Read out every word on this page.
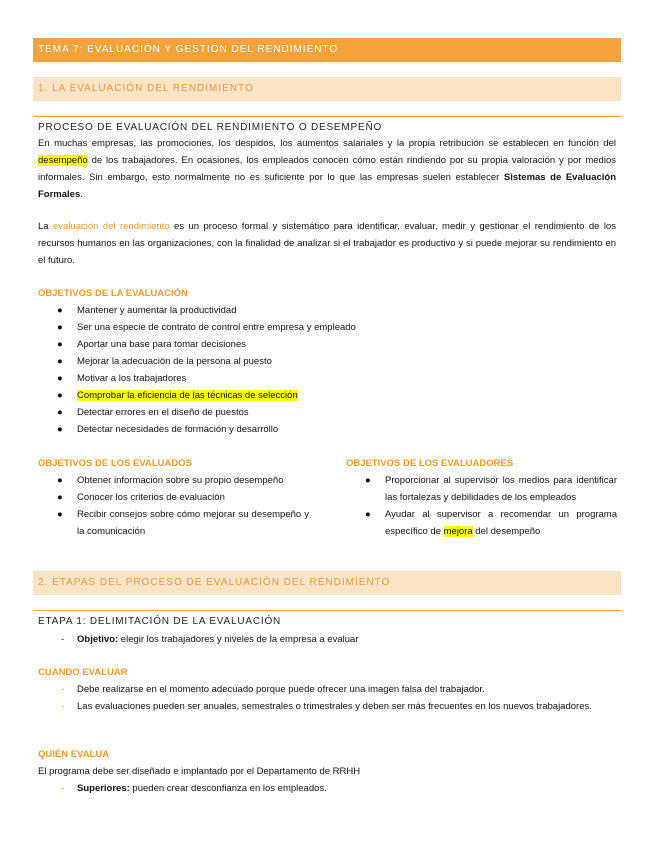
TEMA 7: EVALUACIÓN Y GESTIÓN DEL RENDIMIENTO
1. LA EVALUACIÓN DEL RENDIMIENTO
PROCESO DE EVALUACIÓN DEL RENDIMIENTO O DESEMPEÑO
En muchas empresas, las promociones, los despidos, los aumentos salariales y la propia retribución se establecen en función del desempeño de los trabajadores. En ocasiones, los empleados conocen cómo están rindiendo por su propia valoración y por medios informales. Sin embargo, esto normalmente no es suficiente por lo que las empresas suelen establecer Sistemas de Evaluación Formales.
La evaluación del rendimiento es un proceso formal y sistemático para identificar, evaluar, medir y gestionar el rendimiento de los recursos humanos en las organizaciones, con la finalidad de analizar si el trabajador es productivo y si puede mejorar su rendimiento en el futuro.
OBJETIVOS DE LA EVALUACIÓN
● Mantener y aumentar la productividad
● Ser una especie de contrato de control entre empresa y empleado
● Aportar una base para tomar decisiones
● Mejorar la adecuación de la persona al puesto
● Motivar a los trabajadores
● Comprobar la eficiencia de las técnicas de selección
● Detectar errores en el diseño de puestos
● Detectar necesidades de formación y desarrollo
OBJETIVOS DE LOS EVALUADOS
● Obtener información sobre su propio desempeño
● Conocer los criterios de evaluación
● Recibir consejos sobre cómo mejorar su desempeño y la comunicación
OBJETIVOS DE LOS EVALUADORES
● Proporcionar al supervisor los medios para identificar las fortalezas y debilidades de los empleados
● Ayudar al supervisor a recomendar un programa específico de mejora del desempeño
2. ETAPAS DEL PROCESO DE EVALUACIÓN DEL RENDIMIENTO
ETAPA 1: DELIMITACIÓN DE LA EVALUACIÓN
- Objetivo: elegir los trabajadores y niveles de la empresa a evaluar
CUANDO EVALUAR
- Debe realizarse en el momento adecuado porque puede ofrecer una imagen falsa del trabajador.
- Las evaluaciones pueden ser anuales, semestrales o trimestrales y deben ser más frecuentes en los nuevos trabajadores.
QUIÉN EVALUA
El programa debe ser diseñado e implantado por el Departamento de RRHH
- Superiores: pueden crear desconfianza en los empleados.
